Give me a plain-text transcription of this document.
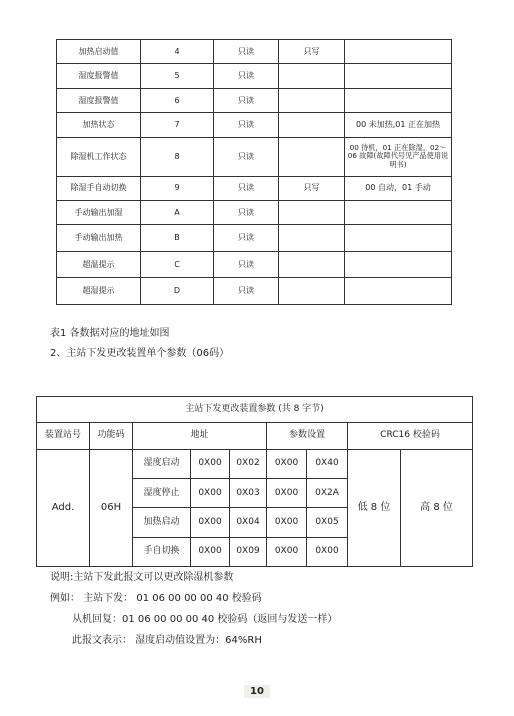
加热启动值	4	只读	只写	
湿度报警值	5	只读		
湿度报警值	6	只读		
加热状态	7	只读		00 未加热,01 正在加热
除湿机工作状态	8	只读		00 待机，01 正在除湿，02～06 故障(故障代号见产品使用说明书)
除湿手自动切换	9	只读	只写	00 自动，01 手动
手动输出加湿	A	只读		
手动输出加热	B	只读		
超温提示	C	只读		
超湿提示	D	只读		
表1 各数据对应的地址如图
2、主站下发更改装置单个参数（06码）
主站下发更改装置参数 (共 8 字节)								
装置站号	功能码	地址			参数设置		CRC16 校验码	
Add.	06H	湿度启动	0X00	0X02	0X00	0X40	低 8 位	高 8 位
		湿度停止	0X00	0X03	0X00	0X2A		
		加热启动	0X00	0X04	0X00	0X05		
		手自切换	0X00	0X09	0X00	0X00		
说明:主站下发此报文可以更改除湿机参数
例如： 主站下发： 01 06 00 00 00 40 校验码
从机回复：01 06 00 00 00 40 校验码（返回与发送一样）
此报文表示： 湿度启动值设置为：64%RH
10
